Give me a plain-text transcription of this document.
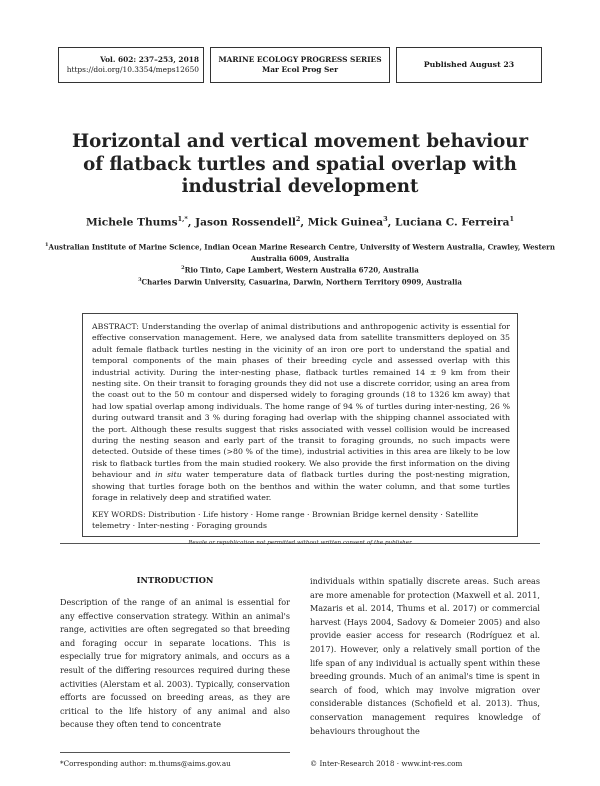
Vol. 602: 237–253, 2018
https://doi.org/10.3354/meps12650
MARINE ECOLOGY PROGRESS SERIES
Mar Ecol Prog Ser
Published August 23
Horizontal and vertical movement behaviour of flatback turtles and spatial overlap with industrial development
Michele Thums$^{1,*}$, Jason Rossendell$^2$, Mick Guinea$^3$, Luciana C. Ferreira$^1$
$^1$Australian Institute of Marine Science, Indian Ocean Marine Research Centre, University of Western Australia, Crawley, Western Australia 6009, Australia
$^2$Rio Tinto, Cape Lambert, Western Australia 6720, Australia
$^3$Charles Darwin University, Casuarina, Darwin, Northern Territory 0909, Australia
ABSTRACT: Understanding the overlap of animal distributions and anthropogenic activity is essential for effective conservation management. Here, we analysed data from satellite transmitters deployed on 35 adult female flatback turtles nesting in the vicinity of an iron ore port to understand the spatial and temporal components of the main phases of their breeding cycle and assessed overlap with this industrial activity. During the inter-nesting phase, flatback turtles remained 14 ± 9 km from their nesting site. On their transit to foraging grounds they did not use a discrete corridor, using an area from the coast out to the 50 m contour and dispersed widely to foraging grounds (18 to 1326 km away) that had low spatial overlap among individuals. The home range of 94 % of turtles during inter-nesting, 26 % during outward transit and 3 % during foraging had overlap with the shipping channel associated with the port. Although these results suggest that risks associated with vessel collision would be increased during the nesting season and early part of the transit to foraging grounds, no such impacts were detected. Outside of these times (>80 % of the time), industrial activities in this area are likely to be low risk to flatback turtles from the main studied rookery. We also provide the first information on the diving behaviour and in situ water temperature data of flatback turtles during the post-nesting migration, showing that turtles forage both on the benthos and within the water column, and that some turtles forage in relatively deep and stratified water.
KEY WORDS: Distribution · Life history · Home range · Brownian Bridge kernel density · Satellite telemetry · Inter-nesting · Foraging grounds
Resale or republication not permitted without written consent of the publisher
INTRODUCTION
Description of the range of an animal is essential for any effective conservation strategy. Within an animal's range, activities are often segregated so that breeding and foraging occur in separate locations. This is especially true for migratory animals, and occurs as a result of the differing resources required during these activities (Alerstam et al. 2003). Typically, conservation efforts are focussed on breeding areas, as they are critical to the life history of any animal and also because they often tend to concentrate
individuals within spatially discrete areas. Such areas are more amenable for protection (Maxwell et al. 2011, Mazaris et al. 2014, Thums et al. 2017) or commercial harvest (Hays 2004, Sadovy & Domeier 2005) and also provide easier access for research (Rodríguez et al. 2017). However, only a relatively small portion of the life span of any individual is actually spent within these breeding grounds. Much of an animal's time is spent in search of food, which may involve migration over considerable distances (Schofield et al. 2013). Thus, conservation management requires knowledge of behaviours throughout the
*Corresponding author: m.thums@aims.gov.au	© Inter-Research 2018 · www.int-res.com
